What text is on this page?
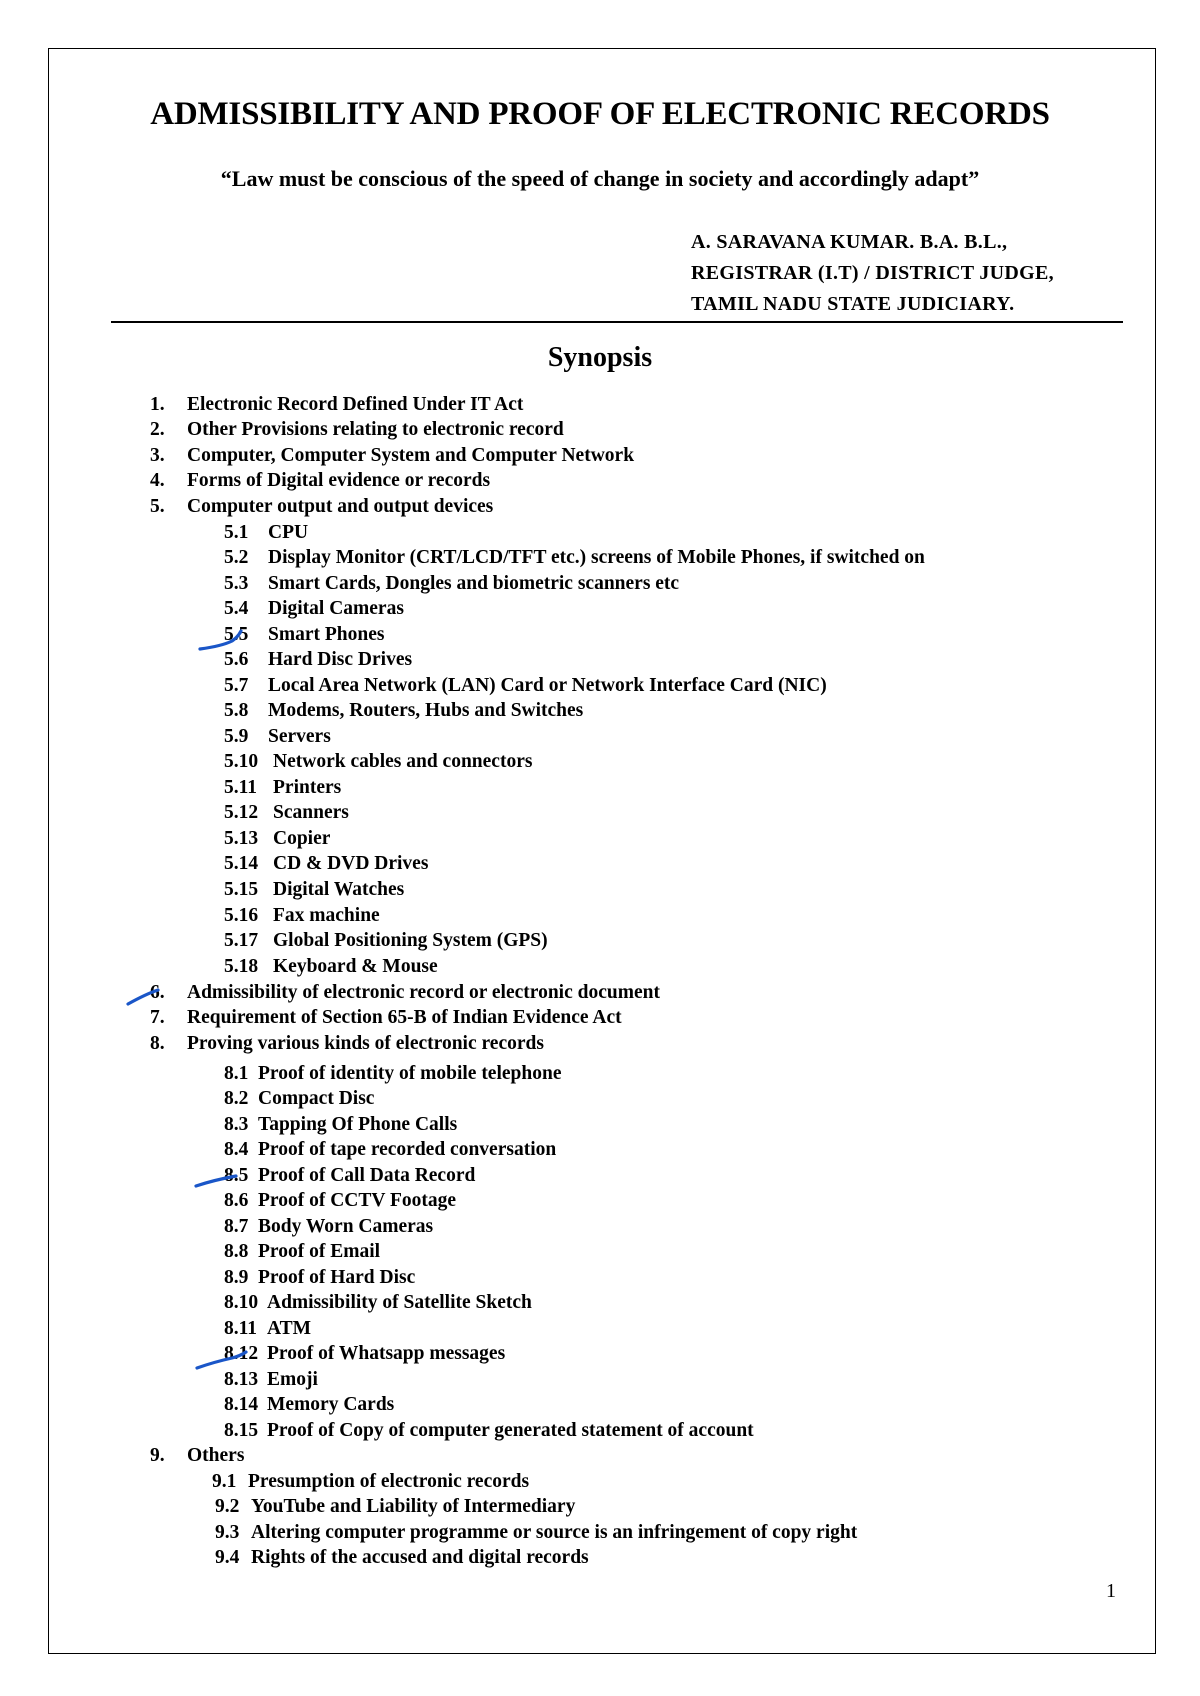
ADMISSIBILITY AND PROOF OF ELECTRONIC RECORDS
“Law must be conscious of the speed of change in society and accordingly adapt”
A. SARAVANA KUMAR. B.A. B.L.,
REGISTRAR (I.T) / DISTRICT JUDGE,
TAMIL NADU STATE JUDICIARY.
Synopsis
1. Electronic Record Defined Under IT Act
2. Other Provisions relating to electronic record
3. Computer, Computer System and Computer Network
4. Forms of Digital evidence or records
5. Computer output and output devices
5.1 CPU
5.2 Display Monitor (CRT/LCD/TFT etc.) screens of Mobile Phones, if switched on
5.3 Smart Cards, Dongles and biometric scanners etc
5.4 Digital Cameras
5.5 Smart Phones
5.6 Hard Disc Drives
5.7 Local Area Network (LAN) Card or Network Interface Card (NIC)
5.8 Modems, Routers, Hubs and Switches
5.9 Servers
5.10 Network cables and connectors
5.11 Printers
5.12 Scanners
5.13 Copier
5.14 CD & DVD Drives
5.15 Digital Watches
5.16 Fax machine
5.17 Global Positioning System (GPS)
5.18 Keyboard & Mouse
6. Admissibility of electronic record or electronic document
7. Requirement of Section 65-B of Indian Evidence Act
8. Proving various kinds of electronic records
8.1 Proof of identity of mobile telephone
8.2 Compact Disc
8.3 Tapping Of Phone Calls
8.4 Proof of tape recorded conversation
8.5 Proof of Call Data Record
8.6 Proof of CCTV Footage
8.7 Body Worn Cameras
8.8 Proof of Email
8.9 Proof of Hard Disc
8.10 Admissibility of Satellite Sketch
8.11 ATM
8.12 Proof of Whatsapp messages
8.13 Emoji
8.14 Memory Cards
8.15 Proof of Copy of computer generated statement of account
9. Others
9.1 Presumption of electronic records
9.2 YouTube and Liability of Intermediary
9.3 Altering computer programme or source is an infringement of copy right
9.4 Rights of the accused and digital records
1
